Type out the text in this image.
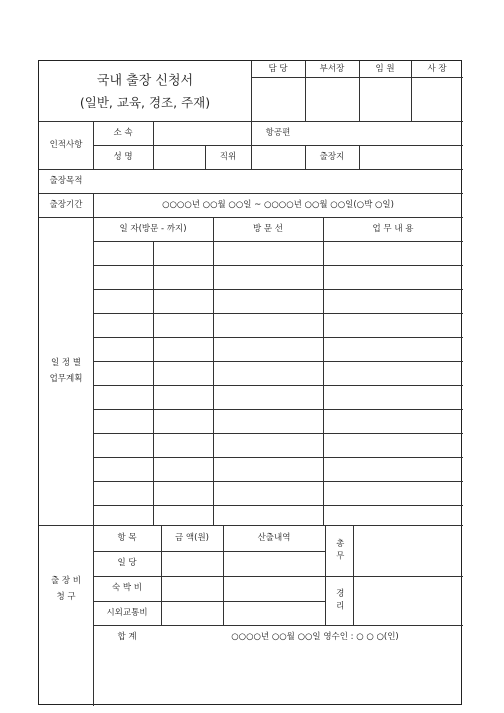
국내 출장 신청서
(일반, 교육, 경조, 주재)
담 당	부서장	임 원	사 장
인적사항
소 속	항공편
성 명	직위	출장지
출장목적
출장기간	○○○○년 ○○월 ○○일 ~ ○○○○년 ○○월 ○○일(○박 ○일)
일 정 별
업무계획
일 자(방문 - 까지)	방 문 선	업 무 내 용
출 장 비
청 구
항 목	금 액(원)	산출내역
일 당
숙 박 비
시외교통비
합 계
총무
경리
○○○○년 ○○월 ○○일 영수인 : ○ ○ ○(인)
